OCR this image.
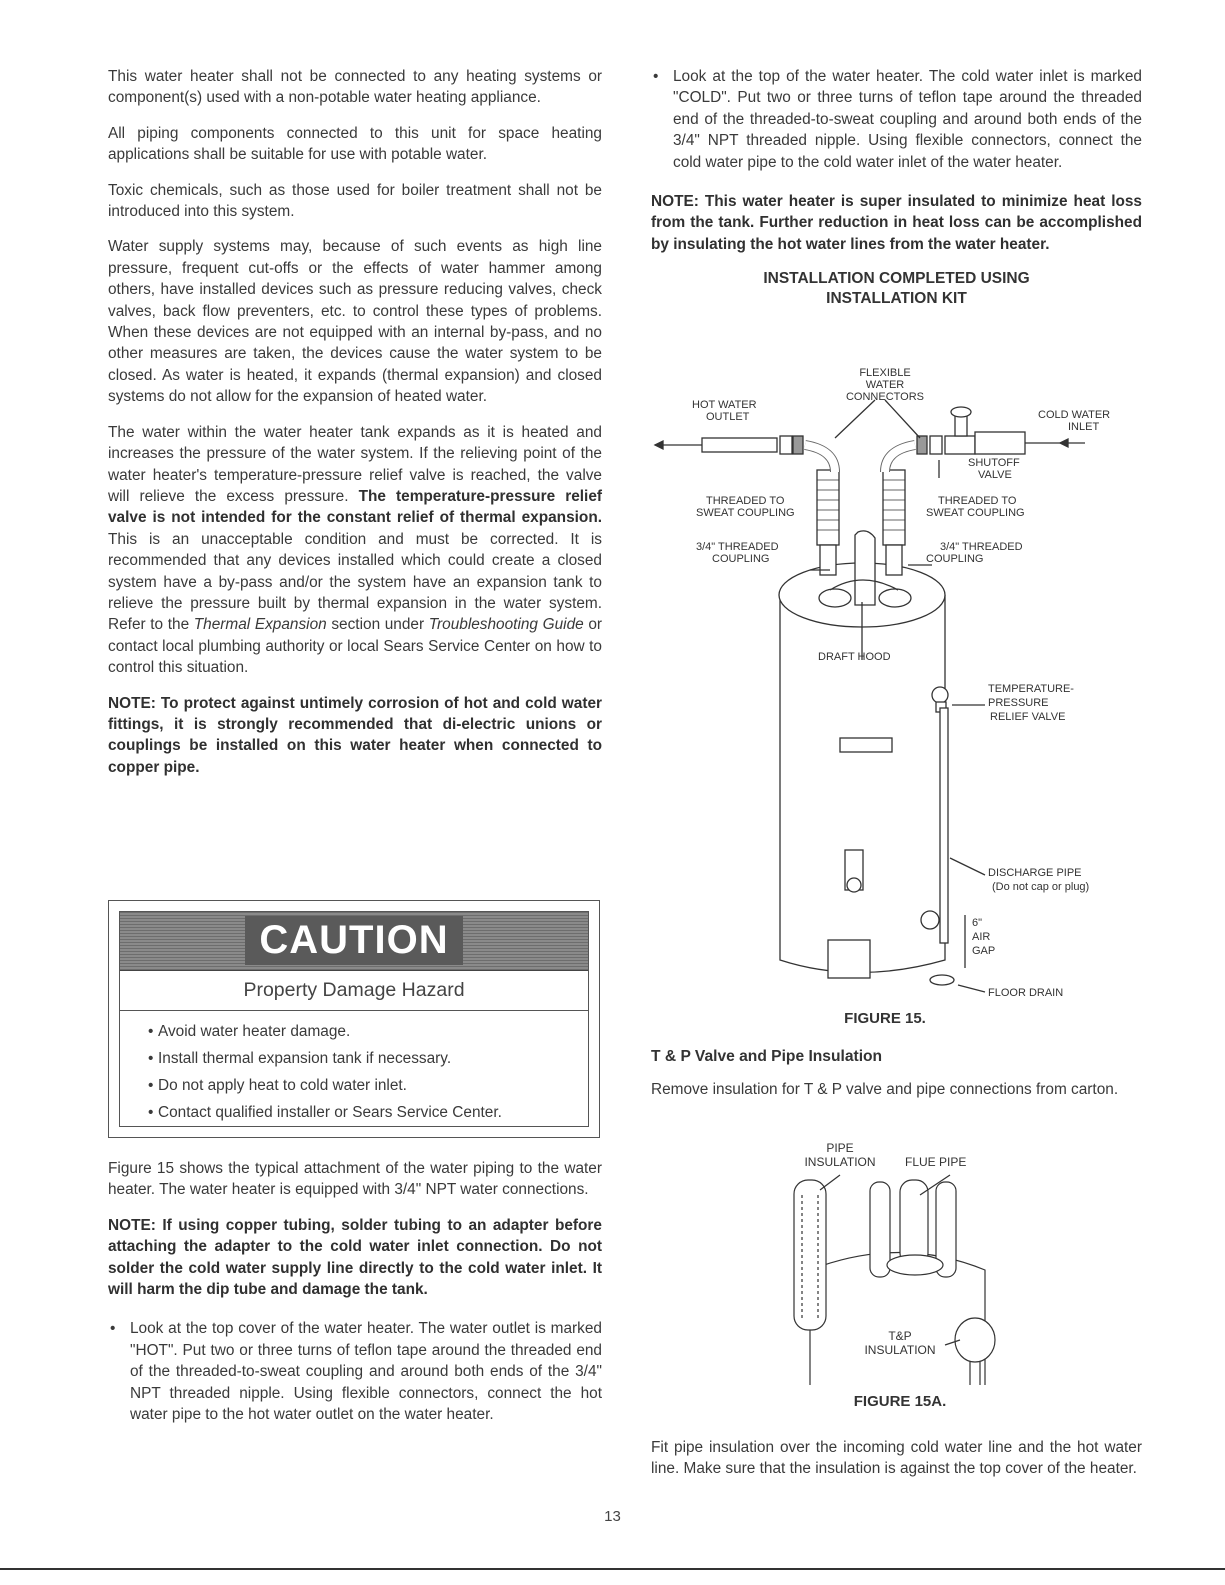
This water heater shall not be connected to any heating systems or component(s) used with a non-potable water heating appliance.

All piping components connected to this unit for space heating applications shall be suitable for use with potable water.

Toxic chemicals, such as those used for boiler treatment shall not be introduced into this system.

Water supply systems may, because of such events as high line pressure, frequent cut-offs or the effects of water hammer among others, have installed devices such as pressure reducing valves, check valves, back flow preventers, etc. to control these types of problems. When these devices are not equipped with an internal by-pass, and no other measures are taken, the devices cause the water system to be closed. As water is heated, it expands (thermal expansion) and closed systems do not allow for the expansion of heated water.

The water within the water heater tank expands as it is heated and increases the pressure of the water system. If the relieving point of the water heater's temperature-pressure relief valve is reached, the valve will relieve the excess pressure. The temperature-pressure relief valve is not intended for the constant relief of thermal expansion. This is an unacceptable condition and must be corrected. It is recommended that any devices installed which could create a closed system have a by-pass and/or the system have an expansion tank to relieve the pressure built by thermal expansion in the water system. Refer to the Thermal Expansion section under Troubleshooting Guide or contact local plumbing authority or local Sears Service Center on how to control this situation.

NOTE: To protect against untimely corrosion of hot and cold water fittings, it is strongly recommended that di-electric unions or couplings be installed on this water heater when connected to copper pipe.
CAUTION
Property Damage Hazard
• Avoid water heater damage.
• Install thermal expansion tank if necessary.
• Do not apply heat to cold water inlet.
• Contact qualified installer or Sears Service Center.

Figure 15 shows the typical attachment of the water piping to the water heater. The water heater is equipped with 3/4" NPT water connections.

NOTE: If using copper tubing, solder tubing to an adapter before attaching the adapter to the cold water inlet connection. Do not solder the cold water supply line directly to the cold water inlet. It will harm the dip tube and damage the tank.
• Look at the top cover of the water heater. The water outlet is marked "HOT". Put two or three turns of teflon tape around the threaded end of the threaded-to-sweat coupling and around both ends of the 3/4" NPT threaded nipple. Using flexible connectors, connect the hot water pipe to the hot water outlet on the water heater.
• Look at the top of the water heater. The cold water inlet is marked "COLD". Put two or three turns of teflon tape around the threaded end of the threaded-to-sweat coupling and around both ends of the 3/4" NPT threaded nipple. Using flexible connectors, connect the cold water pipe to the cold water inlet of the water heater.
NOTE: This water heater is super insulated to minimize heat loss from the tank. Further reduction in heat loss can be accomplished by insulating the hot water lines from the water heater.
INSTALLATION COMPLETED USING
INSTALLATION KIT
FLEXIBLE
WATER
CONNECTORS
HOT WATER
OUTLET	COLD WATER
INLET
SHUTOFF
VALVE
THREADED TO
SWEAT COUPLING
THREADED TO
SWEAT COUPLING
3/4" THREADED
COUPLING
3/4" THREADED
COUPLING
DRAFT HOOD
TEMPERATURE-
PRESSURE
RELIEF VALVE
DISCHARGE PIPE
(Do not cap or plug)
6"
AIR
GAP
FLOOR DRAIN
FIGURE 15.
T & P Valve and Pipe Insulation

Remove insulation for T & P valve and pipe connections from carton.

PIPE
INSULATION FLUE PIPE
T&P
INSULATION
FIGURE 15A.

Fit pipe insulation over the incoming cold water line and the hot water line. Make sure that the insulation is against the top cover of the heater.

13
